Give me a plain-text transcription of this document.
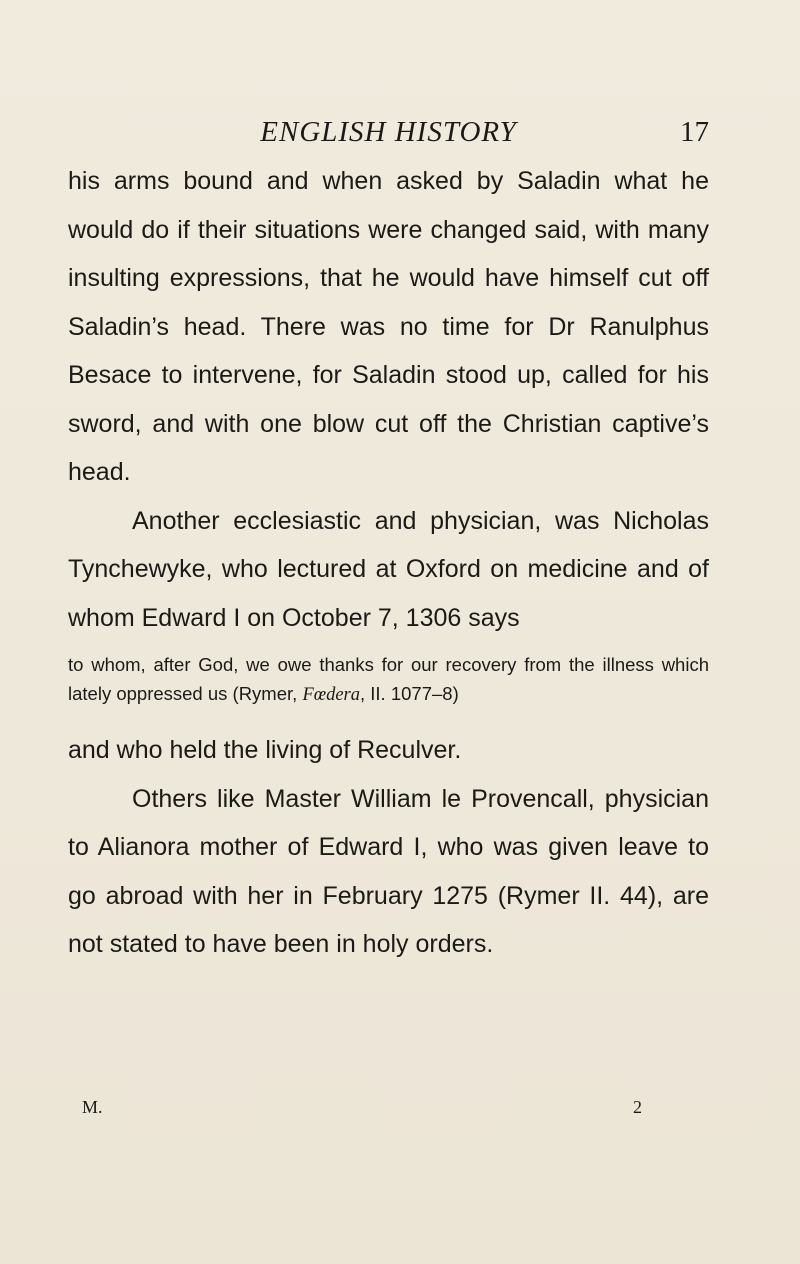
ENGLISH HISTORY	17

his arms bound and when asked by Saladin what he would do if their situations were changed said, with many insulting expressions, that he would have himself cut off Saladin’s head. There was no time for Dr Ranulphus Besace to intervene, for Saladin stood up, called for his sword, and with one blow cut off the Christian captive’s head.

Another ecclesiastic and physician, was Nicholas Tynchewyke, who lectured at Oxford on medicine and of whom Edward I on October 7, 1306 says

to whom, after God, we owe thanks for our recovery from the illness which lately oppressed us (Rymer, Fœdera, II. 1077–8)

and who held the living of Reculver.

Others like Master William le Provencall, physician to Alianora mother of Edward I, who was given leave to go abroad with her in February 1275 (Rymer II. 44), are not stated to have been in holy orders.

M.	2
